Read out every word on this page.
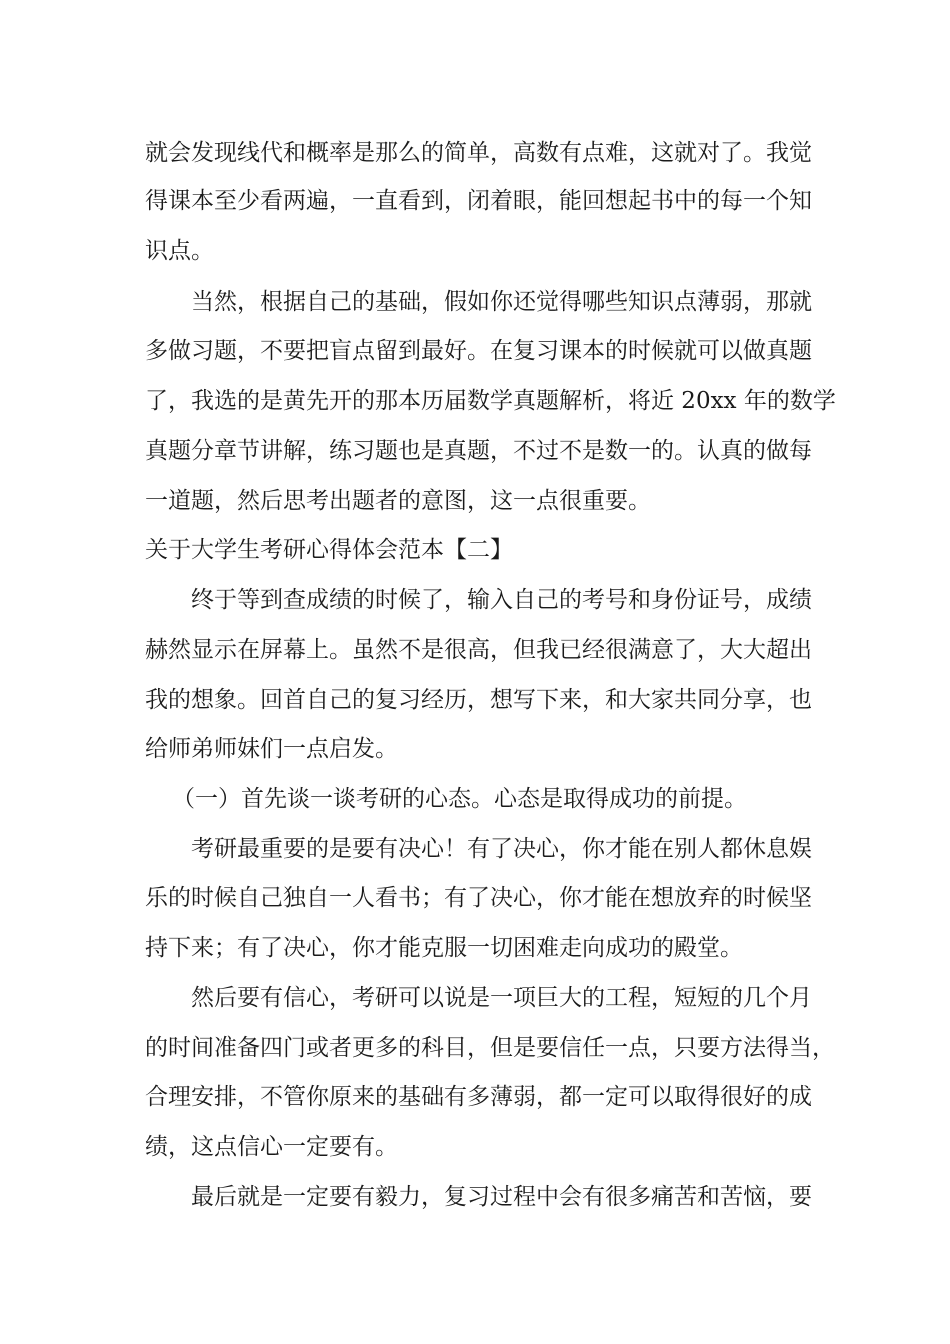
就会发现线代和概率是那么的简单，高数有点难，这就对了。我觉
得课本至少看两遍，一直看到，闭着眼，能回想起书中的每一个知
识点。
当然，根据自己的基础，假如你还觉得哪些知识点薄弱，那就
多做习题，不要把盲点留到最好。在复习课本的时候就可以做真题
了，我选的是黄先开的那本历届数学真题解析，将近 20xx 年的数学
真题分章节讲解，练习题也是真题，不过不是数一的。认真的做每
一道题，然后思考出题者的意图，这一点很重要。
关于大学生考研心得体会范本【二】
终于等到查成绩的时候了，输入自己的考号和身份证号，成绩
赫然显示在屏幕上。虽然不是很高，但我已经很满意了，大大超出
我的想象。回首自己的复习经历，想写下来，和大家共同分享，也
给师弟师妹们一点启发。
（一）首先谈一谈考研的心态。心态是取得成功的前提。
考研最重要的是要有决心！有了决心，你才能在别人都休息娱
乐的时候自己独自一人看书；有了决心，你才能在想放弃的时候坚
持下来；有了决心，你才能克服一切困难走向成功的殿堂。
然后要有信心，考研可以说是一项巨大的工程，短短的几个月
的时间准备四门或者更多的科目，但是要信任一点，只要方法得当，
合理安排，不管你原来的基础有多薄弱，都一定可以取得很好的成
绩，这点信心一定要有。
最后就是一定要有毅力，复习过程中会有很多痛苦和苦恼，要
